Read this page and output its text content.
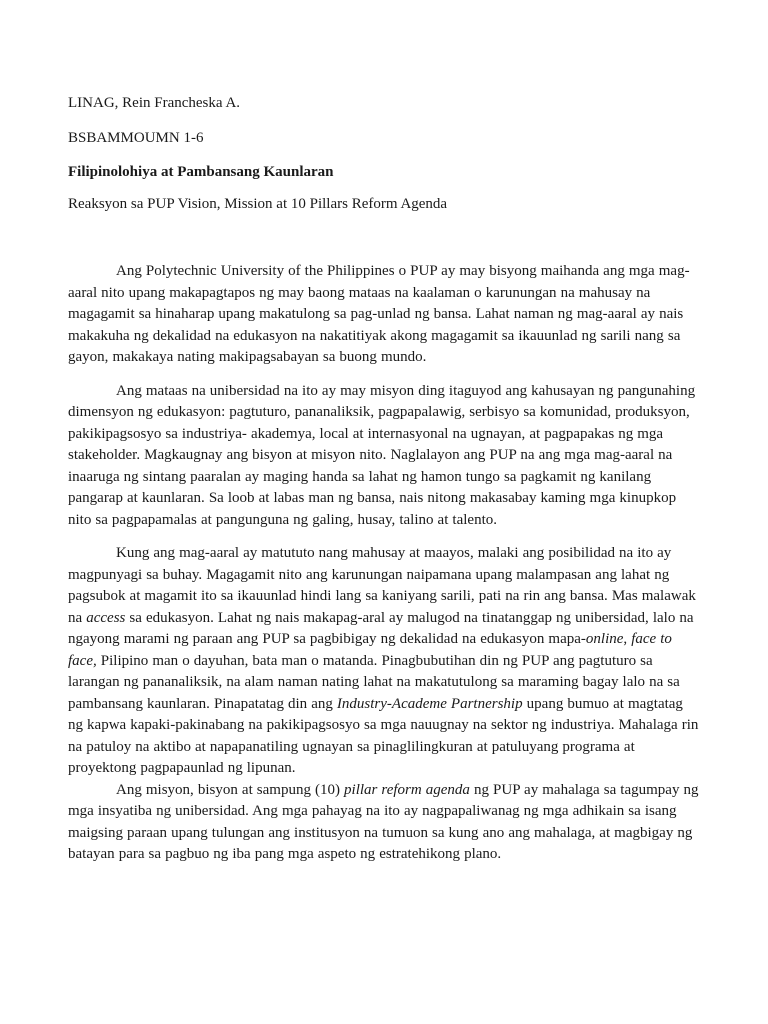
LINAG, Rein Francheska A.

BSBAMMOUMN 1-6

Filipinolohiya at Pambansang Kaunlaran

Reaksyon sa PUP Vision, Mission at 10 Pillars Reform Agenda

Ang Polytechnic University of the Philippines o PUP ay may bisyong maihanda ang mga mag-
aaral nito upang makapagtapos ng may baong mataas na kaalaman o karunungan na mahusay na
magagamit sa hinaharap upang makatulong sa pag-unlad ng bansa. Lahat naman ng mag-aaral ay nais
makakuha ng dekalidad na edukasyon na nakatitiyak akong magagamit sa ikauunlad ng sarili nang sa
gayon, makakaya nating makipagsabayan sa buong mundo.

Ang mataas na unibersidad na ito ay may misyon ding itaguyod ang kahusayan ng pangunahing
dimensyon ng edukasyon: pagtuturo, pananaliksik, pagpapalawig, serbisyo sa komunidad, produksyon,
pakikipagsosyo sa industriya- akademya, local at internasyonal na ugnayan, at pagpapakas ng mga
stakeholder. Magkaugnay ang bisyon at misyon nito. Naglalayon ang PUP na ang mga mag-aaral na
inaaruga ng sintang paaralan ay maging handa sa lahat ng hamon tungo sa pagkamit ng kanilang
pangarap at kaunlaran. Sa loob at labas man ng bansa, nais nitong makasabay kaming mga kinupkop
nito sa pagpapamalas at pangunguna ng galing, husay, talino at talento.

Kung ang mag-aaral ay matututo nang mahusay at maayos, malaki ang posibilidad na ito ay
magpunyagi sa buhay. Magagamit nito ang karunungan naipamana upang malampasan ang lahat ng
pagsubok at magamit ito sa ikauunlad hindi lang sa kaniyang sarili, pati na rin ang bansa. Mas malawak
na access sa edukasyon. Lahat ng nais makapag-aral ay malugod na tinatanggap ng unibersidad, lalo na
ngayong marami ng paraan ang PUP sa pagbibigay ng dekalidad na edukasyon mapa-online, face to
face, Pilipino man o dayuhan, bata man o matanda. Pinagbubutihan din ng PUP ang pagtuturo sa
larangan ng pananaliksik, na alam naman nating lahat na makatutulong sa maraming bagay lalo na sa
pambansang kaunlaran. Pinapatatag din ang Industry-Academe Partnership upang bumuo at magtatag
ng kapwa kapaki-pakinabang na pakikipagsosyo sa mga nauugnay na sektor ng industriya. Mahalaga rin
na patuloy na aktibo at napapanatiling ugnayan sa pinaglilingkuran at patuluyang programa at
proyektong pagpapaunlad ng lipunan.

Ang misyon, bisyon at sampung (10) pillar reform agenda ng PUP ay mahalaga sa tagumpay ng
mga insyatiba ng unibersidad. Ang mga pahayag na ito ay nagpapaliwanag ng mga adhikain sa isang
maigsing paraan upang tulungan ang institusyon na tumuon sa kung ano ang mahalaga, at magbigay ng
batayan para sa pagbuo ng iba pang mga aspeto ng estratehikong plano.
